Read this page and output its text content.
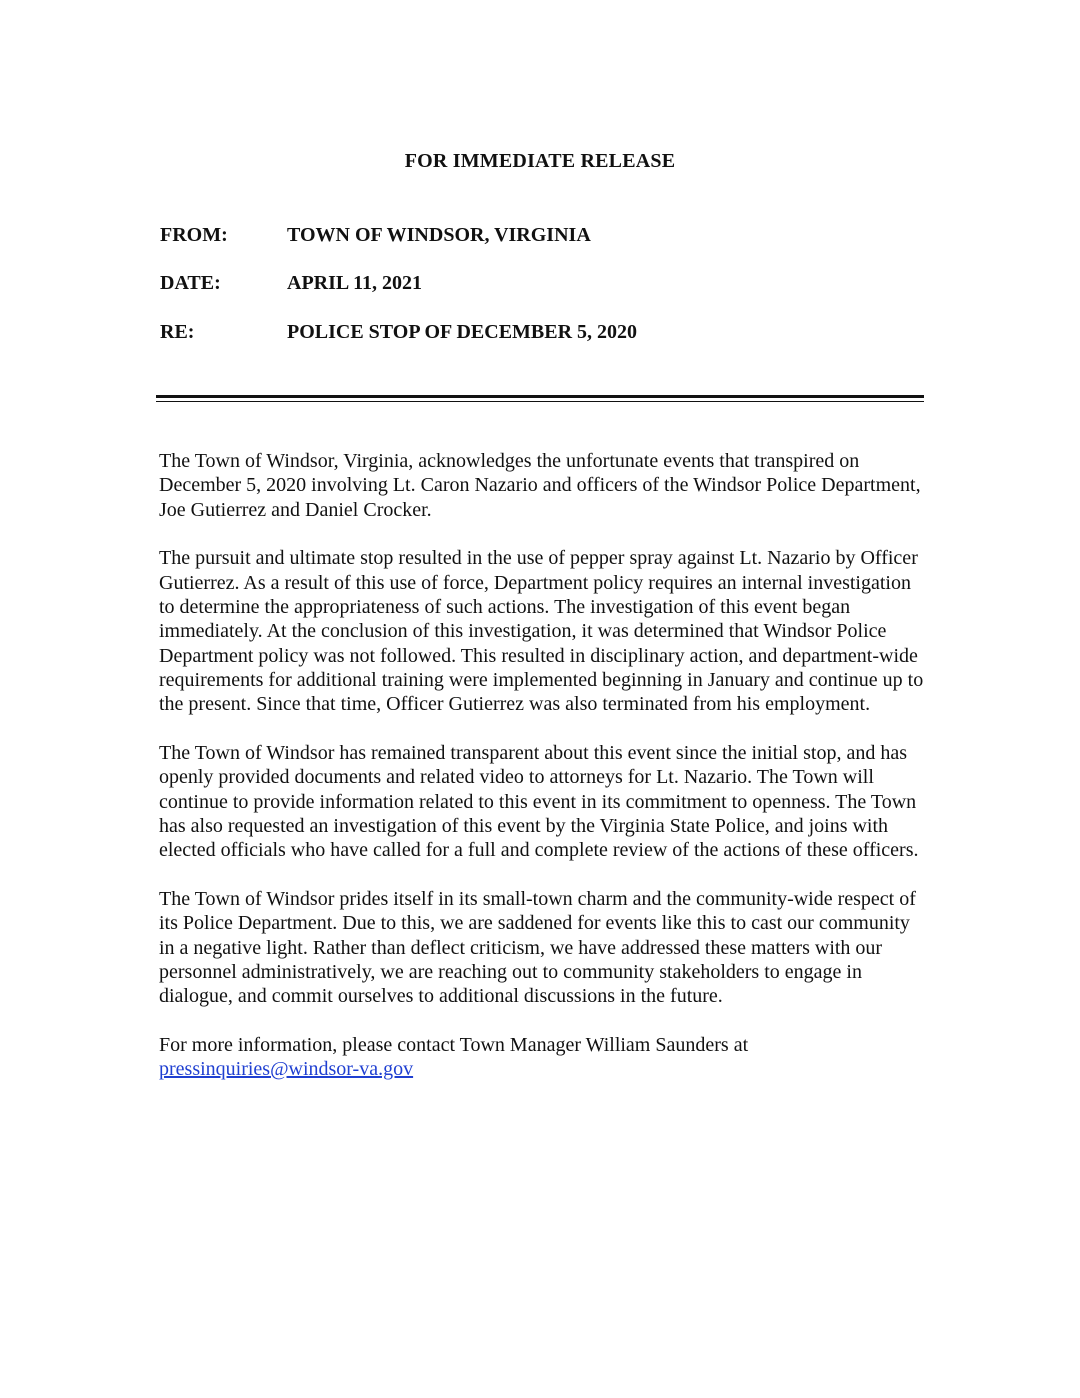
FOR IMMEDIATE RELEASE
FROM:	TOWN OF WINDSOR, VIRGINIA
DATE:	APRIL 11, 2021
RE:	POLICE STOP OF DECEMBER 5, 2020

The Town of Windsor, Virginia, acknowledges the unfortunate events that transpired on December 5, 2020 involving Lt. Caron Nazario and officers of the Windsor Police Department, Joe Gutierrez and Daniel Crocker.

The pursuit and ultimate stop resulted in the use of pepper spray against Lt. Nazario by Officer Gutierrez. As a result of this use of force, Department policy requires an internal investigation to determine the appropriateness of such actions. The investigation of this event began immediately. At the conclusion of this investigation, it was determined that Windsor Police Department policy was not followed. This resulted in disciplinary action, and department-wide requirements for additional training were implemented beginning in January and continue up to the present. Since that time, Officer Gutierrez was also terminated from his employment.

The Town of Windsor has remained transparent about this event since the initial stop, and has openly provided documents and related video to attorneys for Lt. Nazario. The Town will continue to provide information related to this event in its commitment to openness. The Town has also requested an investigation of this event by the Virginia State Police, and joins with elected officials who have called for a full and complete review of the actions of these officers.

The Town of Windsor prides itself in its small-town charm and the community-wide respect of its Police Department. Due to this, we are saddened for events like this to cast our community in a negative light. Rather than deflect criticism, we have addressed these matters with our personnel administratively, we are reaching out to community stakeholders to engage in dialogue, and commit ourselves to additional discussions in the future.

For more information, please contact Town Manager William Saunders at
pressinquiries@windsor-va.gov
